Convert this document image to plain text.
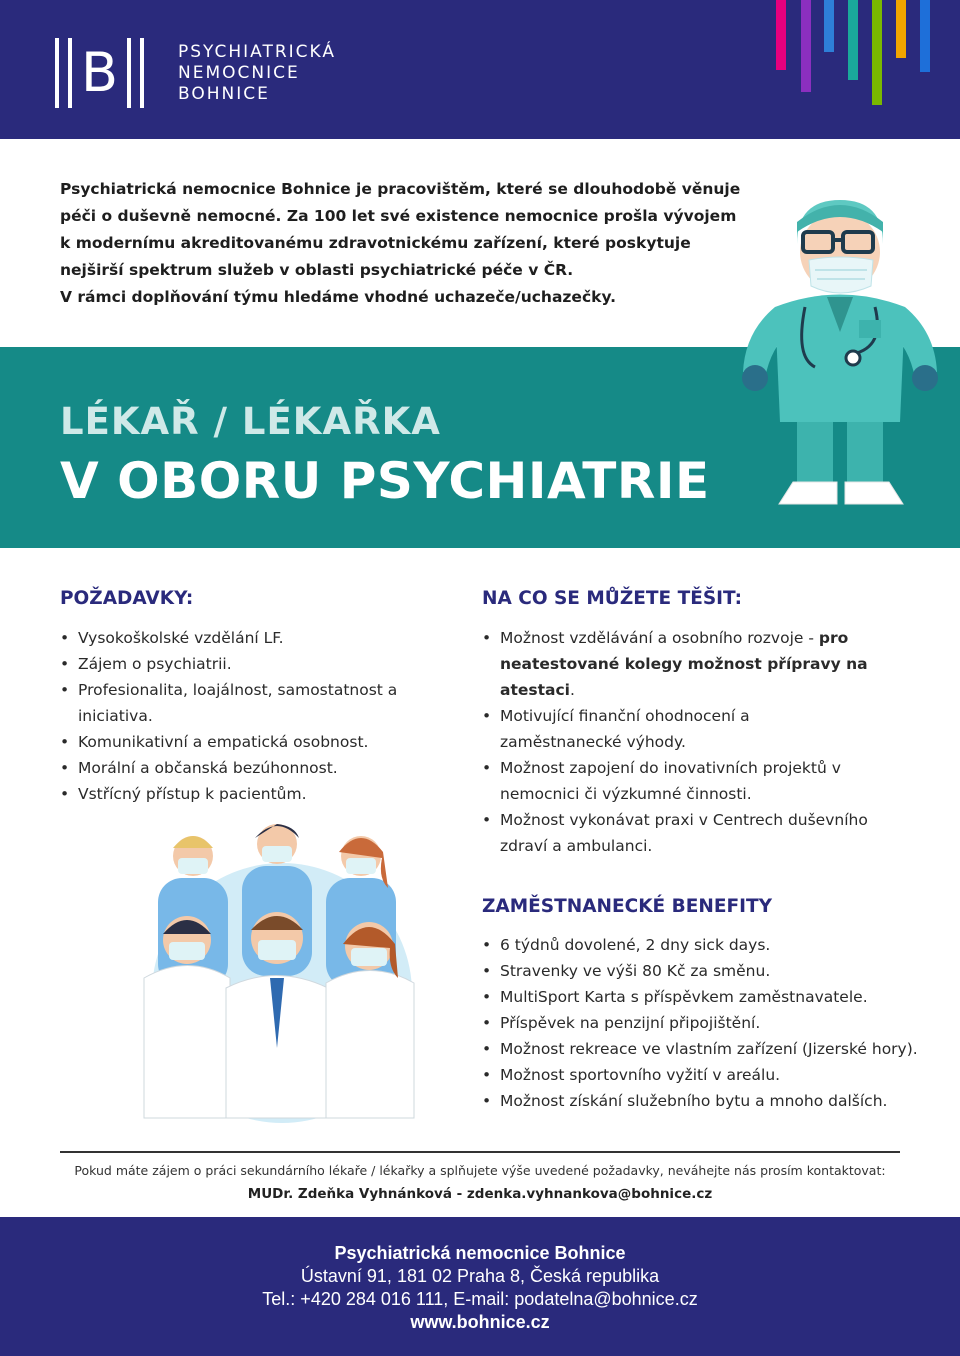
B	PSYCHIATRICKÁ
NEMOCNICE
BOHNICE
Psychiatrická nemocnice Bohnice je pracovištěm, které se dlouhodobě věnuje
péči o duševně nemocné. Za 100 let své existence nemocnice prošla vývojem
k modernímu akreditovanému zdravotnickému zařízení, které poskytuje
nejširší spektrum služeb v oblasti psychiatrické péče v ČR.
V rámci doplňování týmu hledáme vhodné uchazeče/uchazečky.
LÉKAŘ / LÉKAŘKA
V OBORU PSYCHIATRIE
POŽADAVKY:
• Vysokoškolské vzdělání LF.
• Zájem o psychiatrii.
• Profesionalita, loajálnost, samostatnost a iniciativa.
• Komunikativní a empatická osobnost.
• Morální a občanská bezúhonnost.
• Vstřícný přístup k pacientům.
NA CO SE MŮŽETE TĚŠIT:
• Možnost vzdělávání a osobního rozvoje - pro neatestované kolegy možnost přípravy na atestaci.
• Motivující finanční ohodnocení a zaměstnanecké výhody.
• Možnost zapojení do inovativních projektů v nemocnici či výzkumné činnosti.
• Možnost vykonávat praxi v Centrech duševního zdraví a ambulanci.
ZAMĚSTNANECKÉ BENEFITY
• 6 týdnů dovolené, 2 dny sick days.
• Stravenky ve výši 80 Kč za směnu.
• MultiSport Karta s příspěvkem zaměstnavatele.
• Příspěvek na penzijní připojištění.
• Možnost rekreace ve vlastním zařízení (Jizerské hory).
• Možnost sportovního vyžití v areálu.
• Možnost získání služebního bytu a mnoho dalších.
Pokud máte zájem o práci sekundárního lékaře / lékařky a splňujete výše uvedené požadavky, neváhejte nás prosím kontaktovat:
MUDr. Zdeňka Vyhnánková - zdenka.vyhnankova@bohnice.cz
Psychiatrická nemocnice Bohnice
Ústavní 91, 181 02 Praha 8, Česká republika
Tel.: +420 284 016 111, E-mail: podatelna@bohnice.cz
www.bohnice.cz
